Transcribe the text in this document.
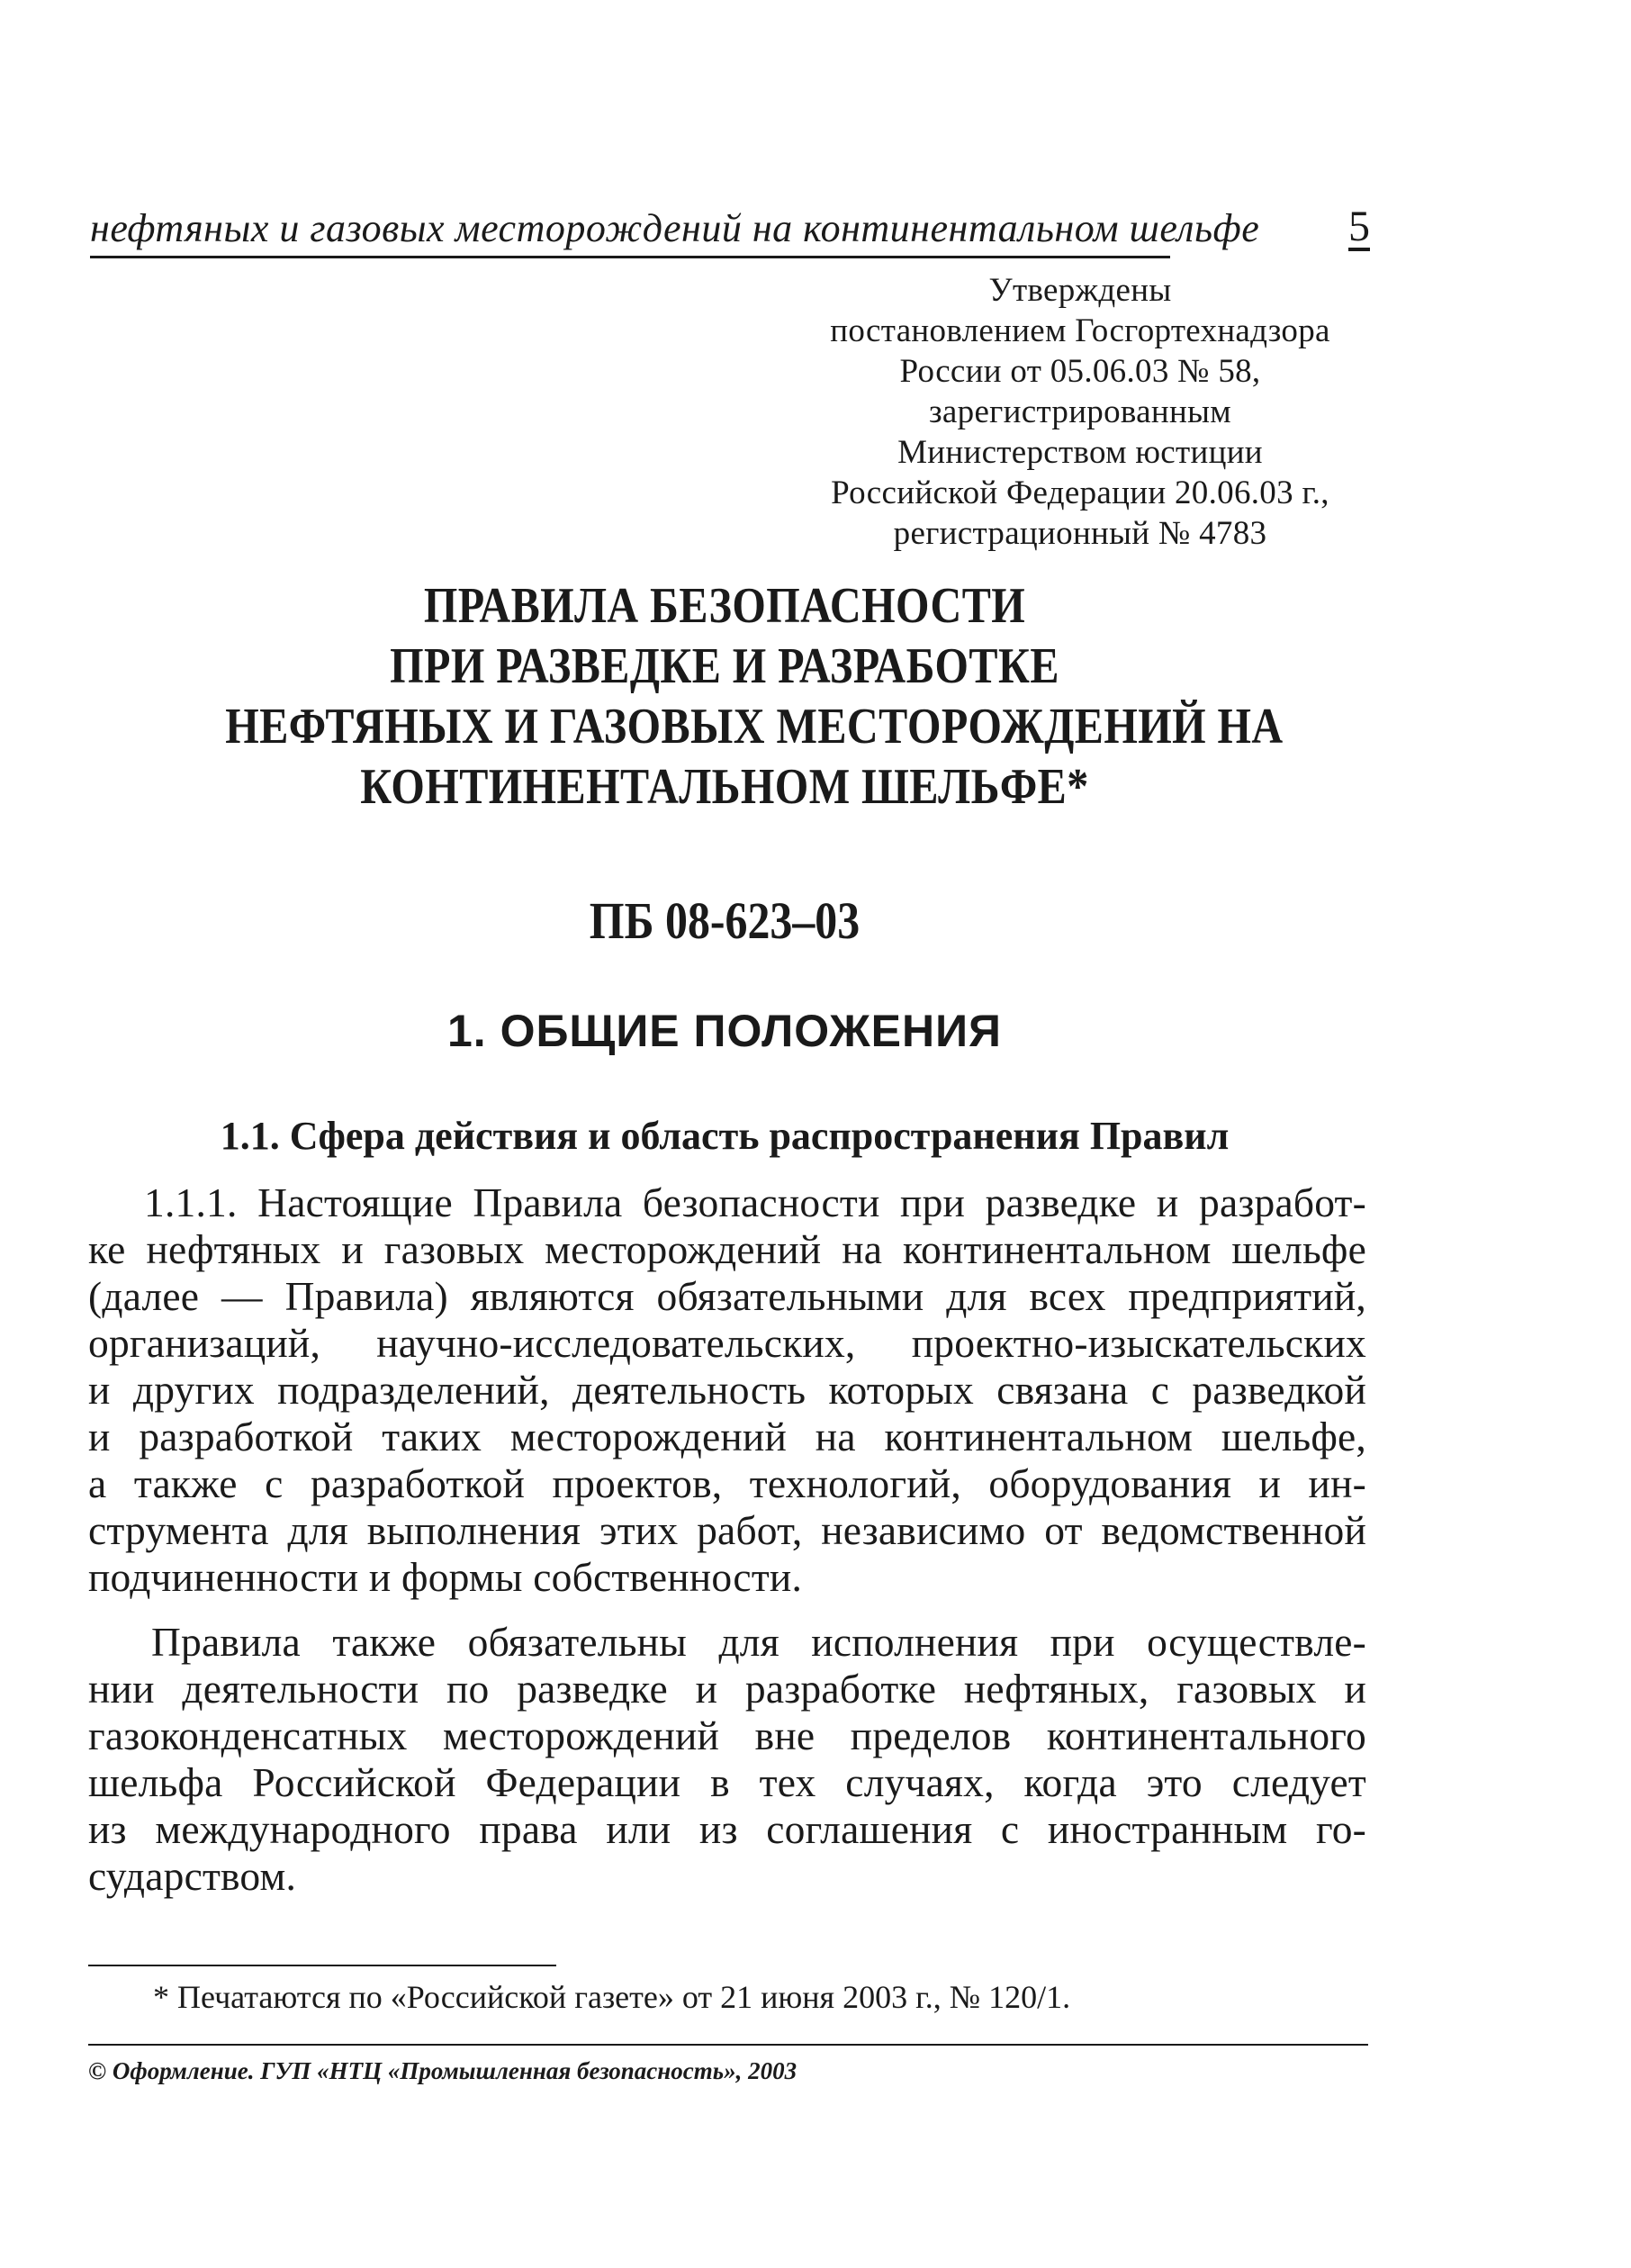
нефтяных и газовых месторождений на континентальном шельфе 5
Утверждены
постановлением Госгортехнадзора
России от 05.06.03 № 58,
зарегистрированным
Министерством юстиции
Российской Федерации 20.06.03 г.,
регистрационный № 4783
ПРАВИЛА БЕЗОПАСНОСТИ
ПРИ РАЗВЕДКЕ И РАЗРАБОТКЕ
НЕФТЯНЫХ И ГАЗОВЫХ МЕСТОРОЖДЕНИЙ НА
КОНТИНЕНТАЛЬНОМ ШЕЛЬФЕ*
ПБ 08-623–03
1. ОБЩИЕ ПОЛОЖЕНИЯ
1.1. Сфера действия и область распространения Правил
1.1.1. Настоящие Правила безопасности при разведке и разработ-
ке нефтяных и газовых месторождений на континентальном шельфе
(далее — Правила) являются обязательными для всех предприятий,
организаций, научно-исследовательских, проектно-изыскательских
и других подразделений, деятельность которых связана с разведкой
и разработкой таких месторождений на континентальном шельфе,
а также с разработкой проектов, технологий, оборудования и ин-
струмента для выполнения этих работ, независимо от ведомственной
подчиненности и формы собственности.
Правила также обязательны для исполнения при осуществле-
нии деятельности по разведке и разработке нефтяных, газовых и
газоконденсатных месторождений вне пределов континентального
шельфа Российской Федерации в тех случаях, когда это следует
из международного права или из соглашения с иностранным го-
сударством.
* Печатаются по «Российской газете» от 21 июня 2003 г., № 120/1.
© Оформление. ГУП «НТЦ «Промышленная безопасность», 2003
